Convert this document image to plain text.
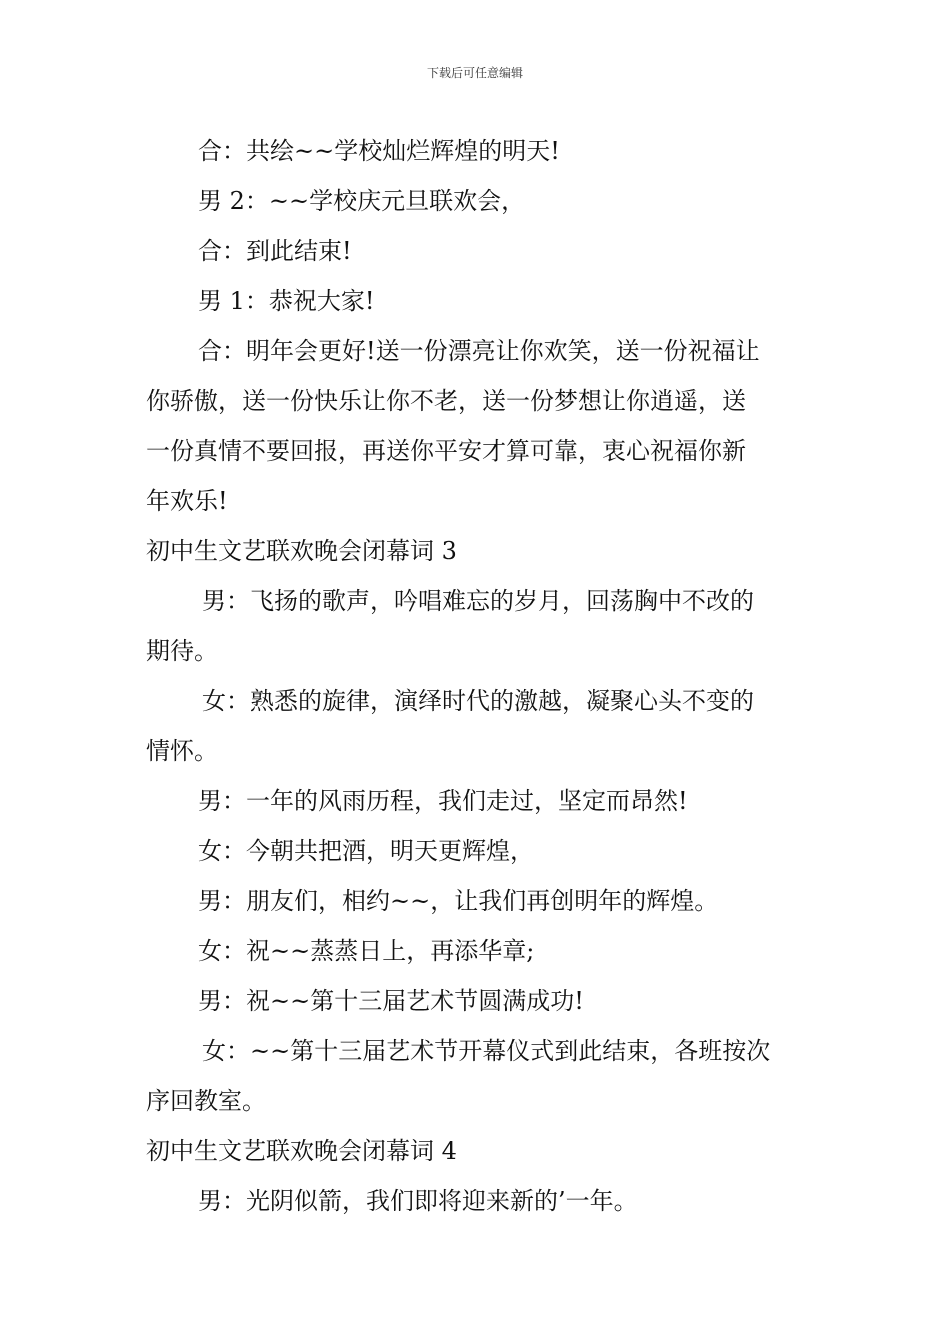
下载后可任意编辑
合：共绘~~学校灿烂辉煌的明天!
男 2：~~学校庆元旦联欢会，
合：到此结束!
男 1：恭祝大家!
合：明年会更好!送一份漂亮让你欢笑，送一份祝福让
你骄傲，送一份快乐让你不老，送一份梦想让你逍遥，送
一份真情不要回报，再送你平安才算可靠，衷心祝福你新
年欢乐!
初中生文艺联欢晚会闭幕词 3
男：飞扬的歌声，吟唱难忘的岁月，回荡胸中不改的
期待。
女：熟悉的旋律，演绎时代的激越，凝聚心头不变的
情怀。
男：一年的风雨历程，我们走过，坚定而昂然!
女：今朝共把酒，明天更辉煌，
男：朋友们，相约~~，让我们再创明年的辉煌。
女：祝~~蒸蒸日上，再添华章;
男：祝~~第十三届艺术节圆满成功!
女：~~第十三届艺术节开幕仪式到此结束，各班按次
序回教室。
初中生文艺联欢晚会闭幕词 4
男：光阴似箭，我们即将迎来新的’一年。
